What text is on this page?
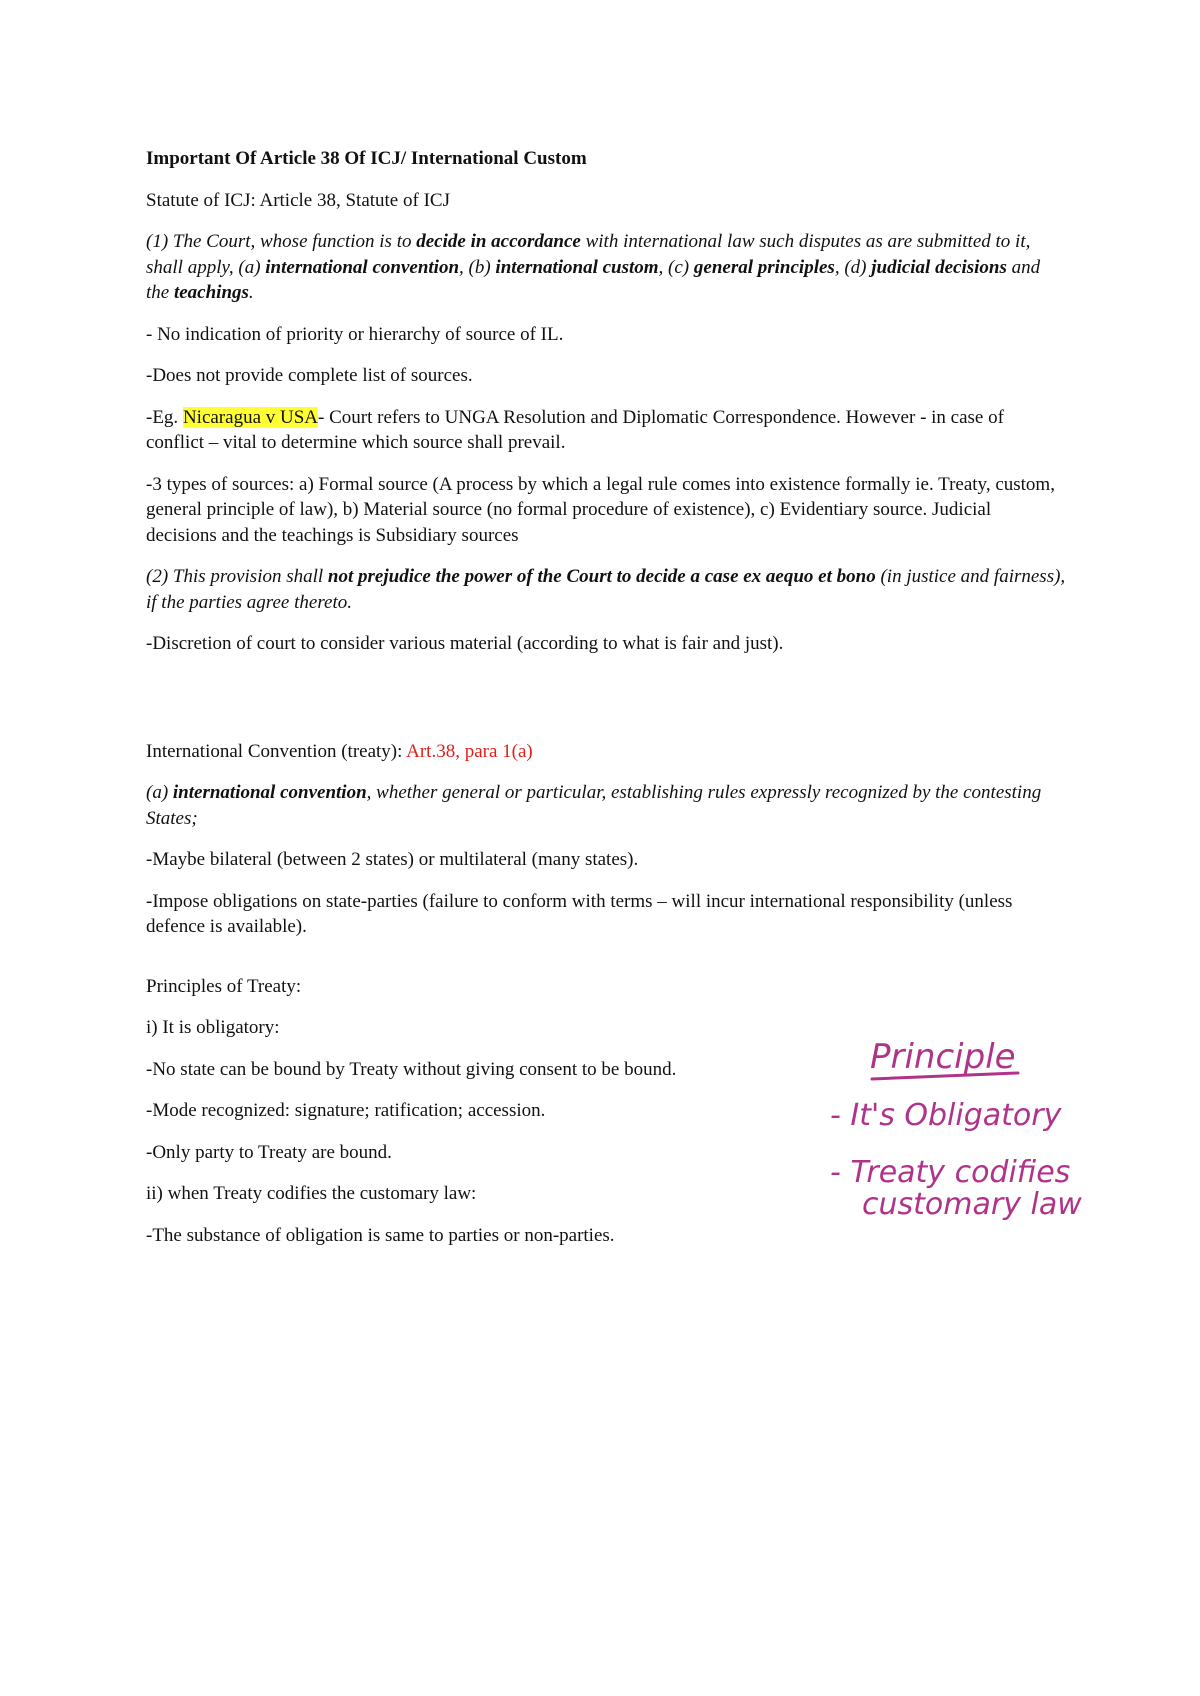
Important Of Article 38 Of ICJ/ International Custom

Statute of ICJ: Article 38, Statute of ICJ

(1) The Court, whose function is to decide in accordance with international law such disputes as are submitted to it, shall apply, (a) international convention, (b) international custom, (c) general principles, (d) judicial decisions and the teachings.

- No indication of priority or hierarchy of source of IL.

-Does not provide complete list of sources.

-Eg. Nicaragua v USA- Court refers to UNGA Resolution and Diplomatic Correspondence. However - in case of conflict – vital to determine which source shall prevail.

-3 types of sources: a) Formal source (A process by which a legal rule comes into existence formally ie. Treaty, custom, general principle of law), b) Material source (no formal procedure of existence), c) Evidentiary source. Judicial decisions and the teachings is Subsidiary sources

(2) This provision shall not prejudice the power of the Court to decide a case ex aequo et bono (in justice and fairness), if the parties agree thereto.

-Discretion of court to consider various material (according to what is fair and just).

International Convention (treaty): Art.38, para 1(a)

(a) international convention, whether general or particular, establishing rules expressly recognized by the contesting States;

-Maybe bilateral (between 2 states) or multilateral (many states).

-Impose obligations on state-parties (failure to conform with terms – will incur international responsibility (unless defence is available).

Principles of Treaty:

i) It is obligatory:

-No state can be bound by Treaty without giving consent to be bound.

-Mode recognized: signature; ratification; accession.

-Only party to Treaty are bound.

ii) when Treaty codifies the customary law:

-The substance of obligation is same to parties or non-parties.

Principle
- It's Obligatory
- Treaty codifies
customary law
